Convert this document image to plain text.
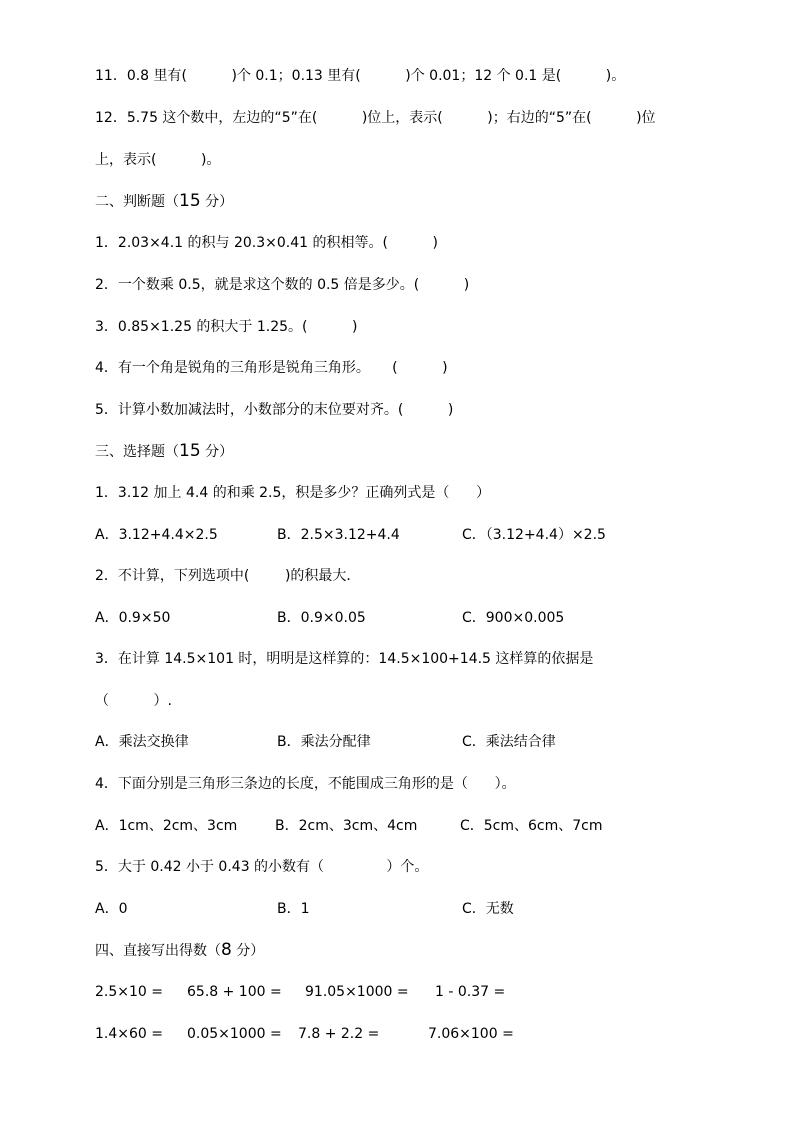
11．0.8 里有(          )个 0.1；0.13 里有(          )个 0.01；12 个 0.1 是(          )。
12．5.75 这个数中，左边的“5”在(          )位上，表示(          )；右边的“5”在(          )位
上，表示(          )。
二、判断题（15 分）
1．2.03×4.1 的积与 20.3×0.41 的积相等。(          )
2．一个数乘 0.5，就是求这个数的 0.5 倍是多少。(          )
3．0.85×1.25 的积大于 1.25。(          )
4．有一个角是锐角的三角形是锐角三角形。     (          )
5．计算小数加减法时，小数部分的末位要对齐。(          )
三、选择题（15 分）
1．3.12 加上 4.4 的和乘 2.5，积是多少？正确列式是（      ）
A．3.12+4.4×2.5	B．2.5×3.12+4.4	C．（3.12+4.4）×2.5
2．不计算，下列选项中(        )的积最大．
A．0.9×50	B．0.9×0.05	C．900×0.005
3．在计算 14.5×101 时，明明是这样算的：14.5×100+14.5 这样算的依据是
（          ）.
A．乘法交换律	B．乘法分配律	C．乘法结合律
4．下面分别是三角形三条边的长度，不能围成三角形的是（      ）。
A．1cm、2cm、3cm	B．2cm、3cm、4cm	C．5cm、6cm、7cm
5．大于 0.42 小于 0.43 的小数有（              ）个。
A．0	B．1	C．无数
四、直接写出得数（8 分）
2.5×10 = 65.8 + 100 = 91.05×1000 = 1 - 0.37 =
1.4×60 = 0.05×1000 = 7.8 + 2.2 =	7.06×100 =
